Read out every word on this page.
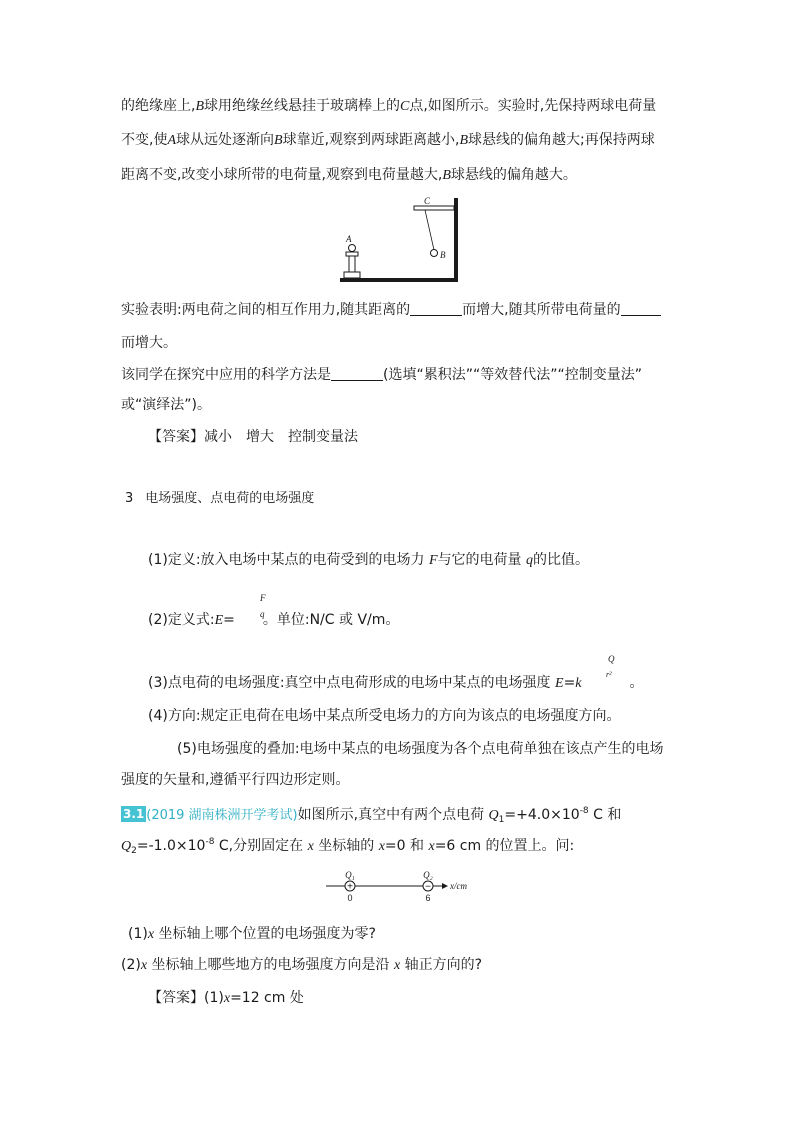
的绝缘座上,B球用绝缘丝线悬挂于玻璃棒上的C点,如图所示。实验时,先保持两球电荷量
不变,使A球从远处逐渐向B球靠近,观察到两球距离越小,B球悬线的偏角越大;再保持两球
距离不变,改变小球所带的电荷量,观察到电荷量越大,B球悬线的偏角越大。
A
B
C
实验表明:两电荷之间的相互作用力,随其距离的	而增大,随其所带电荷量的
而增大。
该同学在探究中应用的科学方法是	(选填“累积法”“等效替代法”“控制变量法”
或“演绎法”)。
【答案】减小　增大　控制变量法
3 电场强度、点电荷的电场强度
(1)定义:放入电场中某点的电荷受到的电场力 F与它的电荷量 q的比值。
(2)定义式:E= 。单位:N/C 或 V/m。
F
q
(3)点电荷的电场强度:真空中点电荷形成的电场中某点的电场强度 E=k	。
Q
r²
(4)方向:规定正电荷在电场中某点所受电场力的方向为该点的电场强度方向。
(5)电场强度的叠加:电场中某点的电场强度为各个点电荷单独在该点产生的电场
强度的矢量和,遵循平行四边形定则。
3.1 (2019 湖南株洲开学考试)如图所示,真空中有两个点电荷 $Q_1=+4.0\times 10^{-8}$ C 和
$Q_2=-1.0\times 10^{-8}$ C,分别固定在 x 坐标轴的 x=0 和 x=6 cm 的位置上。问:
+	−
Q₁	Q₂
0	6
x/cm
(1)x 坐标轴上哪个位置的电场强度为零?
(2)x 坐标轴上哪些地方的电场强度方向是沿 x 轴正方向的?
【答案】(1)x=12 cm 处
